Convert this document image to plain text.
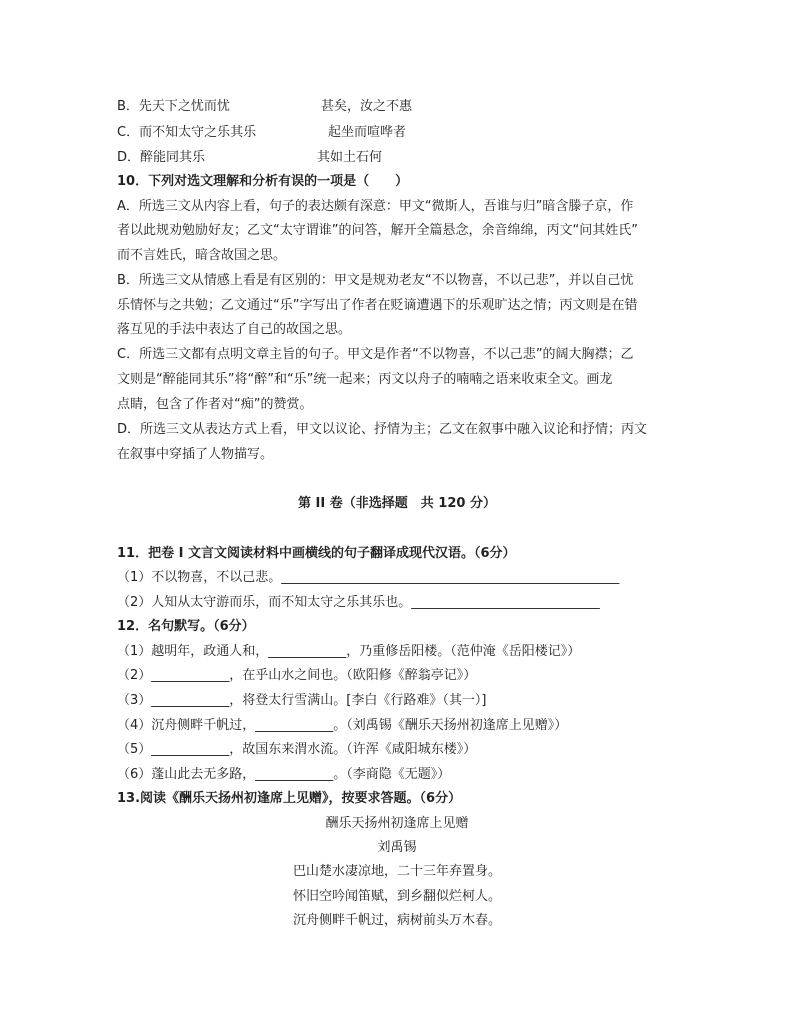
B．先天下之忧而忧	甚矣，汝之不惠
C．而不知太守之乐其乐	起坐而喧哗者
D．醉能同其乐	其如土石何
10．下列对选文理解和分析有误的一项是（　　）
A．所选三文从内容上看，句子的表达颇有深意：甲文“微斯人，吾谁与归”暗含滕子京，作
者以此规劝勉励好友；乙文“太守谓谁”的问答，解开全篇悬念，余音绵绵，丙文“问其姓氏”
而不言姓氏，暗含故国之思。
B．所选三文从情感上看是有区别的：甲文是规劝老友“不以物喜，不以己悲”，并以自己忧
乐情怀与之共勉；乙文通过“乐”字写出了作者在贬谪遭遇下的乐观旷达之情；丙文则是在错
落互见的手法中表达了自己的故国之思。
C．所选三文都有点明文章主旨的句子。甲文是作者“不以物喜，不以己悲”的阔大胸襟；乙
文则是“醉能同其乐”将“醉”和“乐”统一起来；丙文以舟子的喃喃之语来收束全文。画龙
点睛，包含了作者对“痴”的赞赏。
D．所选三文从表达方式上看，甲文以议论、抒情为主；乙文在叙事中融入议论和抒情；丙文
在叙事中穿插了人物描写。
第 II 卷（非选择题　共 120 分）
11．把卷 I 文言文阅读材料中画横线的句子翻译成现代汉语。（6分）
（1）不以物喜，不以己悲。____________________________________________________
（2）人知从太守游而乐，而不知太守之乐其乐也。_____________________________
12．名句默写。（6分）
（1）越明年，政通人和，____________，乃重修岳阳楼。（范仲淹《岳阳楼记》）
（2）____________，在乎山水之间也。（欧阳修《醉翁亭记》）
（3）____________，将登太行雪满山。[李白《行路难》（其一）]
（4）沉舟侧畔千帆过，____________。（刘禹锡《酬乐天扬州初逢席上见赠》）
（5）____________，故国东来渭水流。（许浑《咸阳城东楼》）
（6）蓬山此去无多路，____________。（李商隐《无题》）
13.阅读《酬乐天扬州初逢席上见赠》，按要求答题。（6分）
酬乐天扬州初逢席上见赠
刘禹锡
巴山楚水凄凉地，二十三年弃置身。
怀旧空吟闻笛赋，到乡翻似烂柯人。
沉舟侧畔千帆过，病树前头万木春。
